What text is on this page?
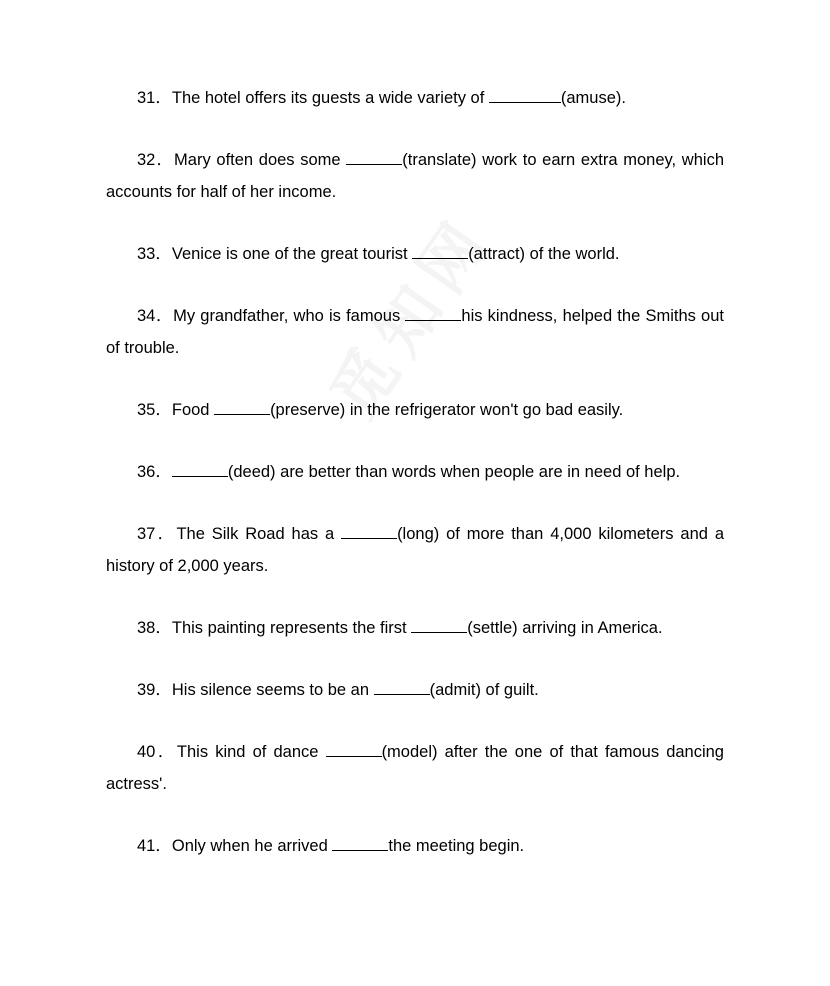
31．The hotel offers its guests a wide variety of	(amuse).
32．Mary often does some	(translate) work to earn extra money, which accounts for half of her income.
33．Venice is one of the great tourist	(attract) of the world.
34．My grandfather, who is famous	his kindness, helped the Smiths out of trouble.
35．Food	(preserve) in the refrigerator won't go bad easily.
36．	(deed) are better than words when people are in need of help.
37．The Silk Road has a	(long) of more than 4,000 kilometers and a history of 2,000 years.
38．This painting represents the first	(settle) arriving in America.
39．His silence seems to be an	(admit) of guilt.
40．This kind of dance	(model) after the one of that famous dancing actress'.
41．Only when he arrived	the meeting begin.
